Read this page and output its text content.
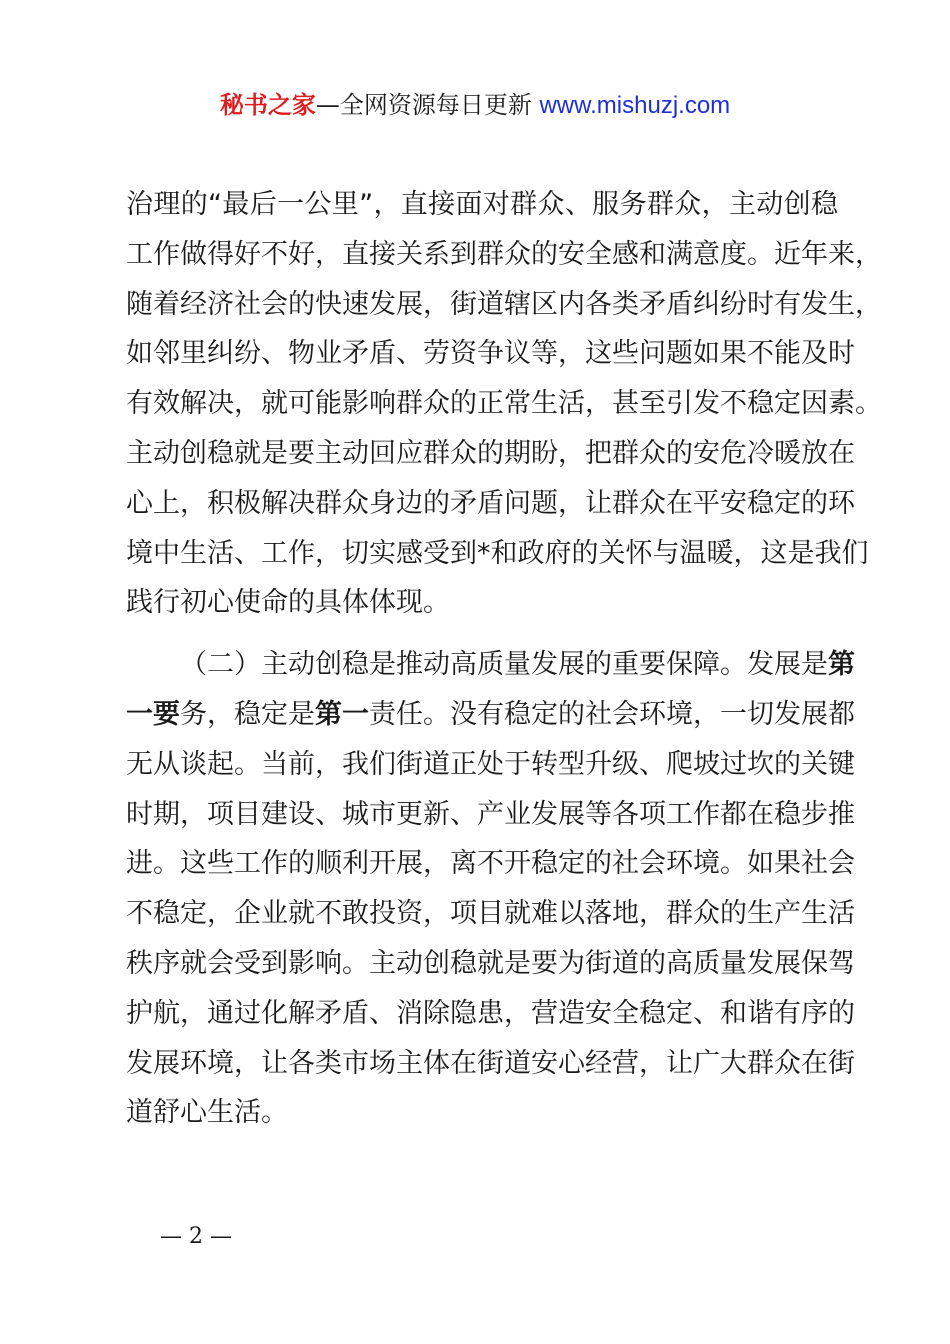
秘书之家—全网资源每日更新 www.mishuzj.com
治理的“最后一公里”，直接面对群众、服务群众，主动创稳
工作做得好不好，直接关系到群众的安全感和满意度。近年来，
随着经济社会的快速发展，街道辖区内各类矛盾纠纷时有发生，
如邻里纠纷、物业矛盾、劳资争议等，这些问题如果不能及时
有效解决，就可能影响群众的正常生活，甚至引发不稳定因素。
主动创稳就是要主动回应群众的期盼，把群众的安危冷暖放在
心上，积极解决群众身边的矛盾问题，让群众在平安稳定的环
境中生活、工作，切实感受到*和政府的关怀与温暖，这是我们
践行初心使命的具体体现。
（二）主动创稳是推动高质量发展的重要保障。发展是第
一要务，稳定是第一责任。没有稳定的社会环境，一切发展都
无从谈起。当前，我们街道正处于转型升级、爬坡过坎的关键
时期，项目建设、城市更新、产业发展等各项工作都在稳步推
进。这些工作的顺利开展，离不开稳定的社会环境。如果社会
不稳定，企业就不敢投资，项目就难以落地，群众的生产生活
秩序就会受到影响。主动创稳就是要为街道的高质量发展保驾
护航，通过化解矛盾、消除隐患，营造安全稳定、和谐有序的
发展环境，让各类市场主体在街道安心经营，让广大群众在街
道舒心生活。
— 2 —
